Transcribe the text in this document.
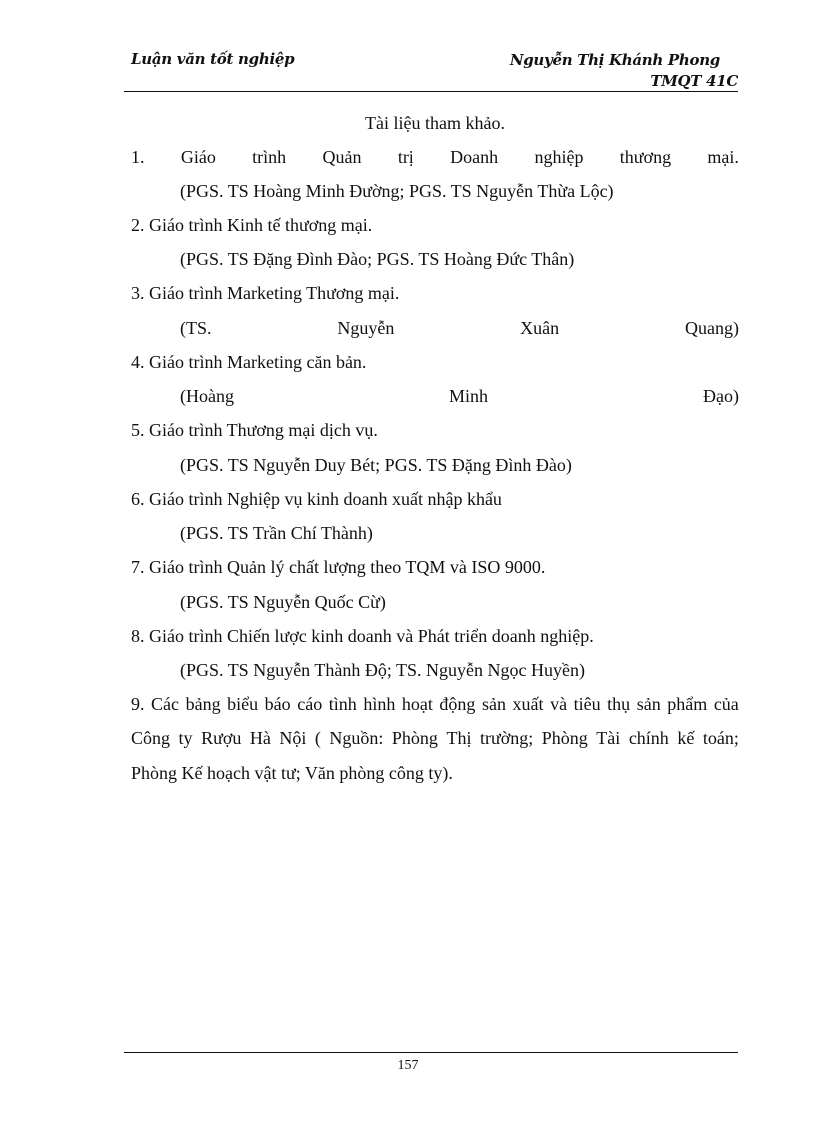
Luận văn tốt nghiệp	Nguyễn Thị Khánh Phong
TMQT 41C
Tài liệu tham khảo.
1. Giáo trình Quản trị Doanh nghiệp thương mại.
(PGS. TS Hoàng Minh Đường; PGS. TS Nguyễn Thừa Lộc)
2. Giáo trình Kinh tế thương mại.
(PGS. TS Đặng Đình Đào; PGS. TS Hoàng Đức Thân)
3. Giáo trình Marketing Thương mại.
(TS.	Nguyễn	Xuân	Quang)
4. Giáo trình Marketing căn bản.
(Hoàng	Minh	Đạo)
5. Giáo trình Thương mại dịch vụ.
(PGS. TS Nguyễn Duy Bét; PGS. TS Đặng Đình Đào)
6. Giáo trình Nghiệp vụ kinh doanh xuất nhập khẩu
(PGS. TS Trần Chí Thành)
7. Giáo trình Quản lý chất lượng theo TQM và ISO 9000.
(PGS. TS Nguyễn Quốc Cừ)
8. Giáo trình Chiến lược kinh doanh và Phát triển doanh nghiệp.
(PGS. TS Nguyễn Thành Độ; TS. Nguyễn Ngọc Huyền)
9. Các bảng biểu báo cáo tình hình hoạt động sản xuất và tiêu thụ sản phẩm của
Công ty Rượu Hà Nội ( Nguồn: Phòng Thị trường; Phòng Tài chính kế toán;
Phòng Kế hoạch vật tư; Văn phòng công ty).
157
